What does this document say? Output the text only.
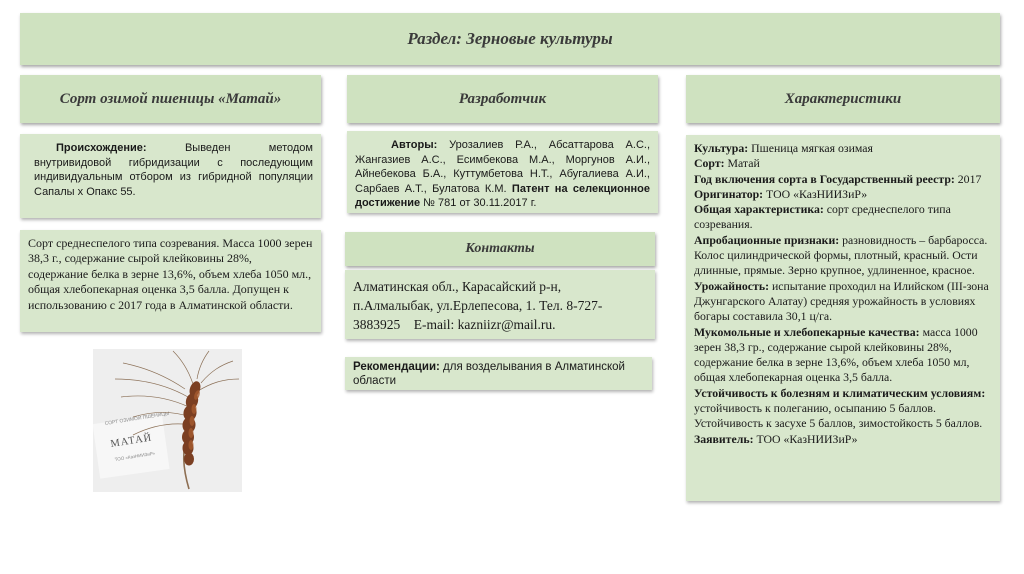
Раздел: Зерновые культуры
Сорт озимой пшеницы «Матай»	Разработчик	Характеристики

Происхождение: Выведен методом внутривидовой гибридизации с последующим индивидуальным отбором из гибридной популяции Сапалы х Опакс 55.

Авторы: Урозалиев Р.А., Абсаттарова А.С., Жангазиев А.С., Есимбекова М.А., Моргунов А.И., Айнебекова Б.А., Куттумбетова Н.Т., Абугалиева А.И., Сарбаев А.Т., Булатова К.М. Патент на селекционное достижение № 781 от 30.11.2017 г.

Культура: Пшеница мягкая озимая

Сорт: Матай

Год включения сорта в Государственный реестр: 2017

Оригинатор: ТОО «КазНИИЗиР»

Общая характеристика: сорт среднеспелого типа созревания.

Апробационные признаки: разновидность – барбаросса. Колос цилиндрической формы, плотный, красный. Ости длинные, прямые. Зерно крупное, удлиненное, красное.

Урожайность: испытание проходил на Илийском (III-зона Джунгарского Алатау) средняя урожайность в условиях богары составила 30,1 ц/га.

Мукомольные и хлебопекарные качества: масса 1000 зерен 38,3 гр., содержание сырой клейковины 28%, содержание белка в зерне 13,6%, объем хлеба 1050 мл, общая хлебопекарная оценка 3,5 балла.

Устойчивость к болезням и климатическим условиям: устойчивость к полеганию, осыпанию 5 баллов. Устойчивость к засухе 5 баллов, зимостойкость 5 баллов.

Заявитель: ТОО «КазНИИЗиР»

Сорт среднеспелого типа созревания. Масса 1000 зерен 38,3 г., содержание сырой клейковины 28%, содержание белка в зерне 13,6%, объем хлеба 1050 мл., общая хлебопекарная оценка 3,5 балла. Допущен к использованию с 2017 года в Алматинской области.

Контакты

Алматинская обл., Карасайский р-н,

п.Алмалыбак, ул.Ерлепесова, 1. Тел. 8-727-

3883925    E-mail: kazniizr@mail.ru.

Рекомендации: для возделывания в Алматинской области
СОРТ ОЗИМОЙ ПШЕНИЦЫ
МАТАЙ
ТОО «КазНИИЗиР»
